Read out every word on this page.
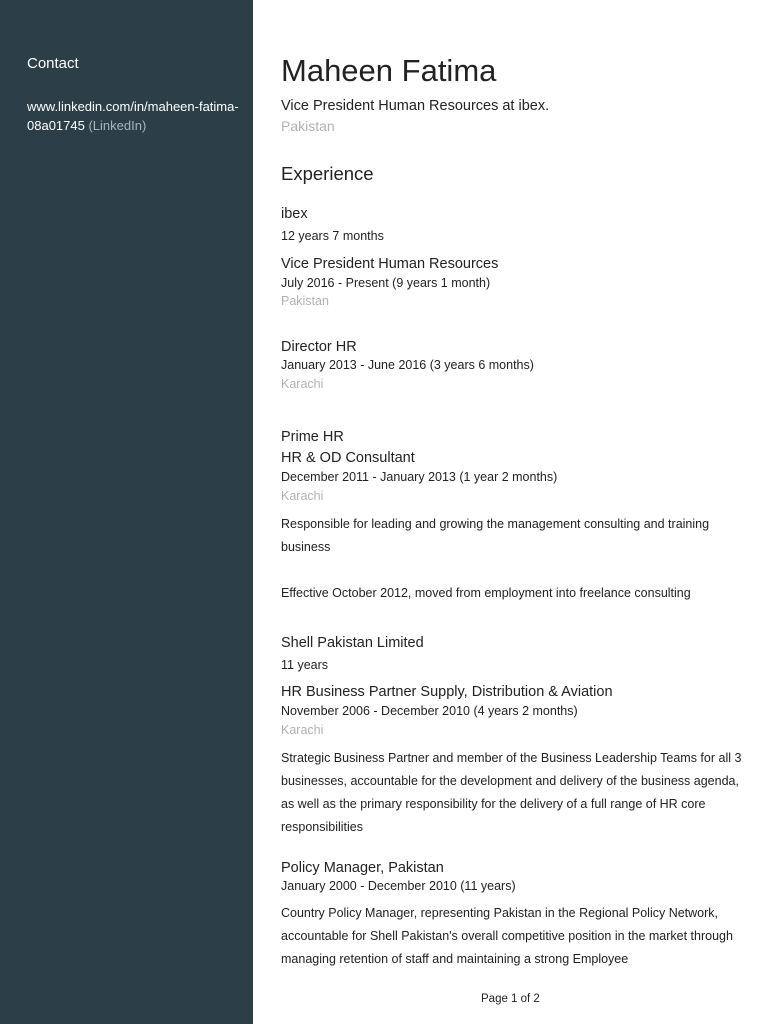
Contact
www.linkedin.com/in/maheen-fatima-08a01745 (LinkedIn)
Maheen Fatima
Vice President Human Resources at ibex.
Pakistan
Experience
ibex
12 years 7 months
Vice President Human Resources
July 2016 - Present (9 years 1 month)
Pakistan
Director HR
January 2013 - June 2016 (3 years 6 months)
Karachi
Prime HR
HR & OD Consultant
December 2011 - January 2013 (1 year 2 months)
Karachi
Responsible for leading and growing the management consulting and training business
Effective October 2012, moved from employment into freelance consulting
Shell Pakistan Limited
11 years
HR Business Partner Supply, Distribution & Aviation
November 2006 - December 2010 (4 years 2 months)
Karachi
Strategic Business Partner and member of the Business Leadership Teams for all 3 businesses, accountable for the development and delivery of the business agenda, as well as the primary responsibility for the delivery of a full range of HR core responsibilities
Policy Manager, Pakistan
January 2000 - December 2010 (11 years)
Country Policy Manager, representing Pakistan in the Regional Policy Network, accountable for Shell Pakistan's overall competitive position in the market through managing retention of staff and maintaining a strong Employee
Page 1 of 2
